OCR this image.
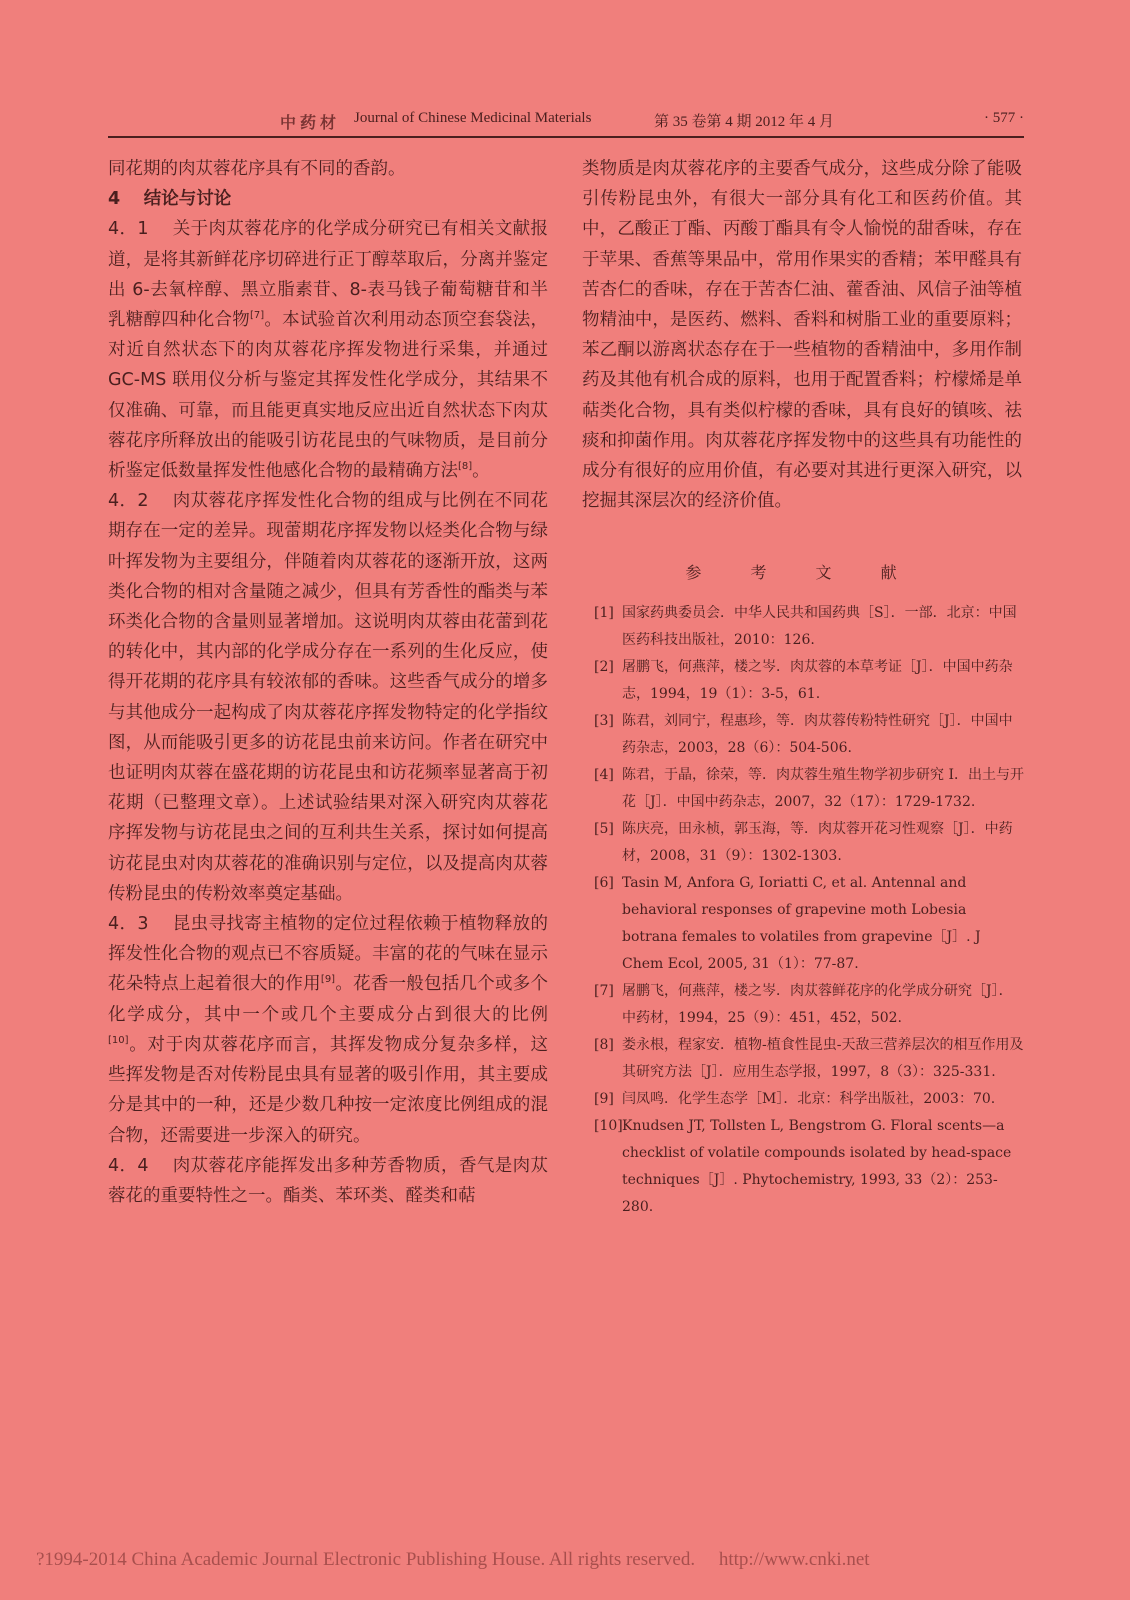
中药材 Journal of Chinese Medicinal Materials	第 35 卷第 4 期 2012 年 4 月	· 577 ·

同花期的肉苁蓉花序具有不同的香韵。

4　 结论与讨论

4．1　 关于肉苁蓉花序的化学成分研究已有相关文献报道，是将其新鲜花序切碎进行正丁醇萃取后，分离并鉴定出 6-去氧梓醇、黑立脂素苷、8-表马钱子葡萄糖苷和半乳糖醇四种化合物[7]。本试验首次利用动态顶空套袋法，对近自然状态下的肉苁蓉花序挥发物进行采集，并通过 GC-MS 联用仪分析与鉴定其挥发性化学成分，其结果不仅准确、可靠，而且能更真实地反应出近自然状态下肉苁蓉花序所释放出的能吸引访花昆虫的气味物质，是目前分析鉴定低数量挥发性他感化合物的最精确方法[8]。

4．2　 肉苁蓉花序挥发性化合物的组成与比例在不同花期存在一定的差异。现蕾期花序挥发物以烃类化合物与绿叶挥发物为主要组分，伴随着肉苁蓉花的逐渐开放，这两类化合物的相对含量随之减少，但具有芳香性的酯类与苯环类化合物的含量则显著增加。这说明肉苁蓉由花蕾到花的转化中，其内部的化学成分存在一系列的生化反应，使得开花期的花序具有较浓郁的香味。这些香气成分的增多与其他成分一起构成了肉苁蓉花序挥发物特定的化学指纹图，从而能吸引更多的访花昆虫前来访问。作者在研究中也证明肉苁蓉在盛花期的访花昆虫和访花频率显著高于初花期（已整理文章）。上述试验结果对深入研究肉苁蓉花序挥发物与访花昆虫之间的互利共生关系，探讨如何提高访花昆虫对肉苁蓉花的准确识别与定位，以及提高肉苁蓉传粉昆虫的传粉效率奠定基础。

4．3　 昆虫寻找寄主植物的定位过程依赖于植物释放的挥发性化合物的观点已不容质疑。丰富的花的气味在显示花朵特点上起着很大的作用[9]。花香一般包括几个或多个化学成分，其中一个或几个主要成分占到很大的比例[10]。对于肉苁蓉花序而言，其挥发物成分复杂多样，这些挥发物是否对传粉昆虫具有显著的吸引作用，其主要成分是其中的一种，还是少数几种按一定浓度比例组成的混合物，还需要进一步深入的研究。

4．4　 肉苁蓉花序能挥发出多种芳香物质，香气是肉苁蓉花的重要特性之一。酯类、苯环类、醛类和萜

类物质是肉苁蓉花序的主要香气成分，这些成分除了能吸引传粉昆虫外，有很大一部分具有化工和医药价值。其中，乙酸正丁酯、丙酸丁酯具有令人愉悦的甜香味，存在于苹果、香蕉等果品中，常用作果实的香精；苯甲醛具有苦杏仁的香味，存在于苦杏仁油、藿香油、风信子油等植物精油中，是医药、燃料、香料和树脂工业的重要原料；苯乙酮以游离状态存在于一些植物的香精油中，多用作制药及其他有机合成的原料，也用于配置香料；柠檬烯是单萜类化合物，具有类似柠檬的香味，具有良好的镇咳、祛痰和抑菌作用。肉苁蓉花序挥发物中的这些具有功能性的成分有很好的应用价值，有必要对其进行更深入研究，以挖掘其深层次的经济价值。

参 考 文 献
[1] 国家药典委员会．中华人民共和国药典［S］．一部．北京：中国医药科技出版社，2010：126.
[2] 屠鹏飞，何燕萍，楼之岑．肉苁蓉的本草考证［J］．中国中药杂志，1994，19（1）：3-5，61.
[3] 陈君，刘同宁，程惠珍，等．肉苁蓉传粉特性研究［J］．中国中药杂志，2003，28（6）：504-506.
[4] 陈君，于晶，徐荣，等．肉苁蓉生殖生物学初步研究 I．出土与开花［J］．中国中药杂志，2007，32（17）：1729-1732.
[5] 陈庆亮，田永桢，郭玉海，等．肉苁蓉开花习性观察［J］．中药材，2008，31（9）：1302-1303.
[6] Tasin M, Anfora G, Ioriatti C, et al. Antennal and behavioral responses of grapevine moth Lobesia botrana females to volatiles from grapevine［J］. J Chem Ecol, 2005, 31（1）：77-87.
[7] 屠鹏飞，何燕萍，楼之岑．肉苁蓉鲜花序的化学成分研究［J］．中药材，1994，25（9）：451，452，502.
[8] 娄永根，程家安．植物-植食性昆虫-天敌三营养层次的相互作用及其研究方法［J］．应用生态学报，1997，8（3）：325-331.
[9] 闫凤鸣．化学生态学［M］．北京：科学出版社，2003：70.
[10] Knudsen JT, Tollsten L, Bengstrom G. Floral scents—a checklist of volatile compounds isolated by head-space techniques［J］. Phytochemistry, 1993, 33（2）：253-280.
?1994-2014 China Academic Journal Electronic Publishing House. All rights reserved.　 http://www.cnki.net
